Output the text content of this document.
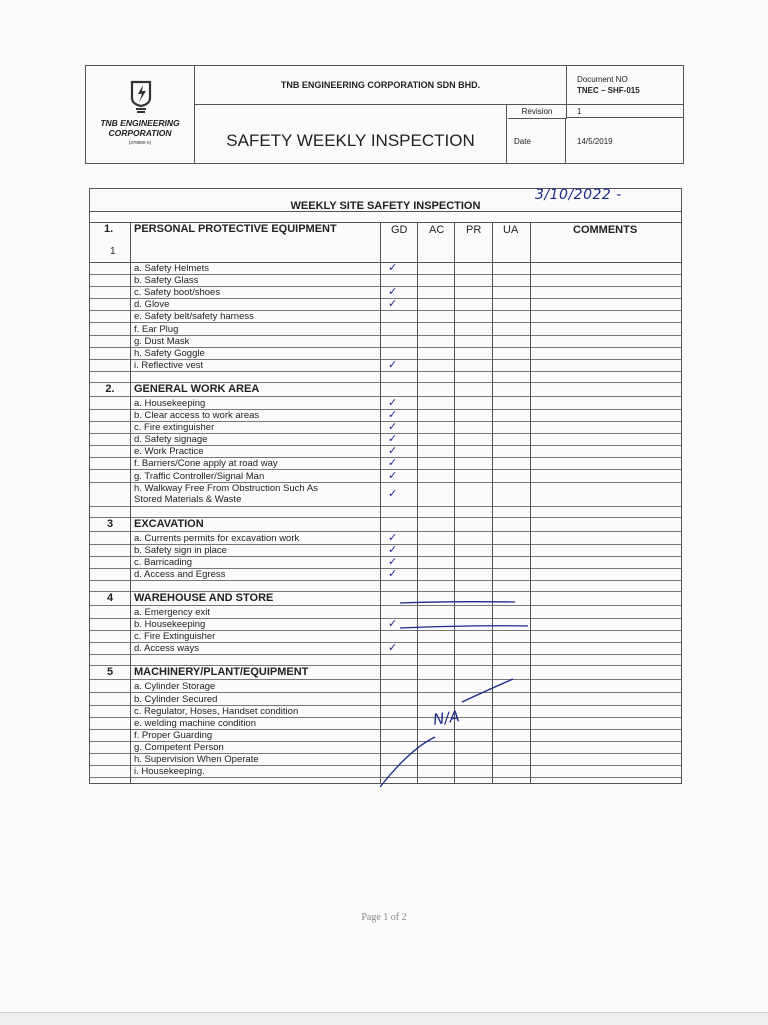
TNB ENGINEERING CORPORATION
(378960-X)
TNB ENGINEERING CORPORATION SDN BHD.
Document NO
TNEC – SHF-015
SAFETY WEEKLY INSPECTION
Revision	1
Date	14/5/2019
WEEKLY SITE SAFETY INSPECTION
3/10/2022 -
1.
1
PERSONAL PROTECTIVE EQUIPMENT	GD AC PR UA	COMMENTS
a. Safety Helmets	✓
b. Safety Glass
c. Safety boot/shoes	✓
d. Glove	✓
e. Safety belt/safety harness
f. Ear Plug
g. Dust Mask
h. Safety Goggle
i. Reflective vest	✓
2.	GENERAL WORK AREA
a. Housekeeping	✓
b. Clear access to work areas	✓
c. Fire extinguisher	✓
d. Safety signage	✓
e. Work Practice	✓
f. Barriers/Cone apply at road way	✓
g. Traffic Controller/Signal Man	✓
h. Walkway Free From Obstruction Such As
Stored Materials & Waste	✓
3	EXCAVATION
a. Currents permits for excavation work	✓
b. Safety sign in place	✓
c. Barricading	✓
d. Access and Egress	✓
4	WAREHOUSE AND STORE
a. Emergency exit
b. Housekeeping	✓
c. Fire Extinguisher
d. Access ways	✓
5	MACHINERY/PLANT/EQUIPMENT
a. Cylinder Storage
b. Cylinder Secured
c. Regulator, Hoses, Handset condition
e. welding machine condition
f. Proper Guarding
g. Competent Person
h. Supervision When Operate
i. Housekeeping.
N/A
Page 1 of 2
